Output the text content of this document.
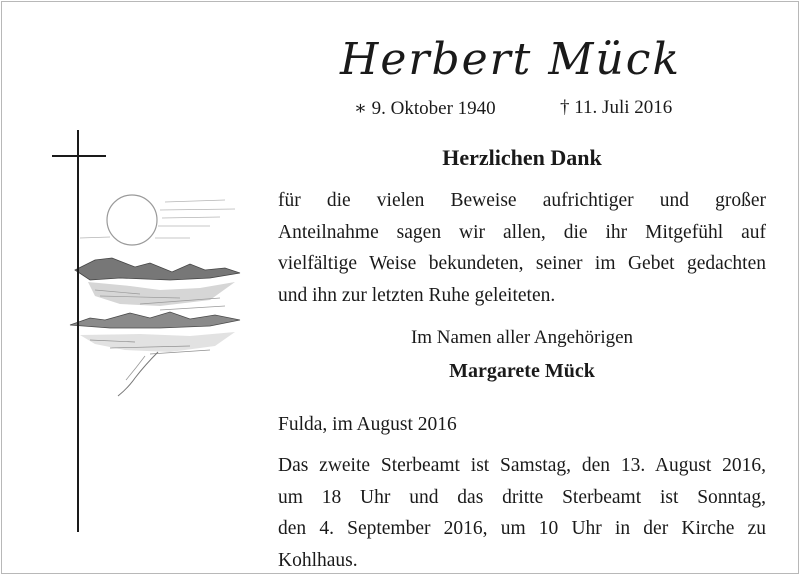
Herbert Mück
∗ 9. Oktober 1940	† 11. Juli 2016
Herzlichen Dank
für die vielen Beweise aufrichtiger und großer
Anteilnahme sagen wir allen, die ihr Mitgefühl auf
vielfältige Weise bekundeten, seiner im Gebet gedachten
und ihn zur letzten Ruhe geleiteten.
Im Namen aller Angehörigen
Margarete Mück
Fulda, im August 2016
Das zweite Sterbeamt ist Samstag, den 13. August 2016,
um 18 Uhr und das dritte Sterbeamt ist Sonntag,
den 4. September 2016, um 10 Uhr in der Kirche zu
Kohlhaus.
